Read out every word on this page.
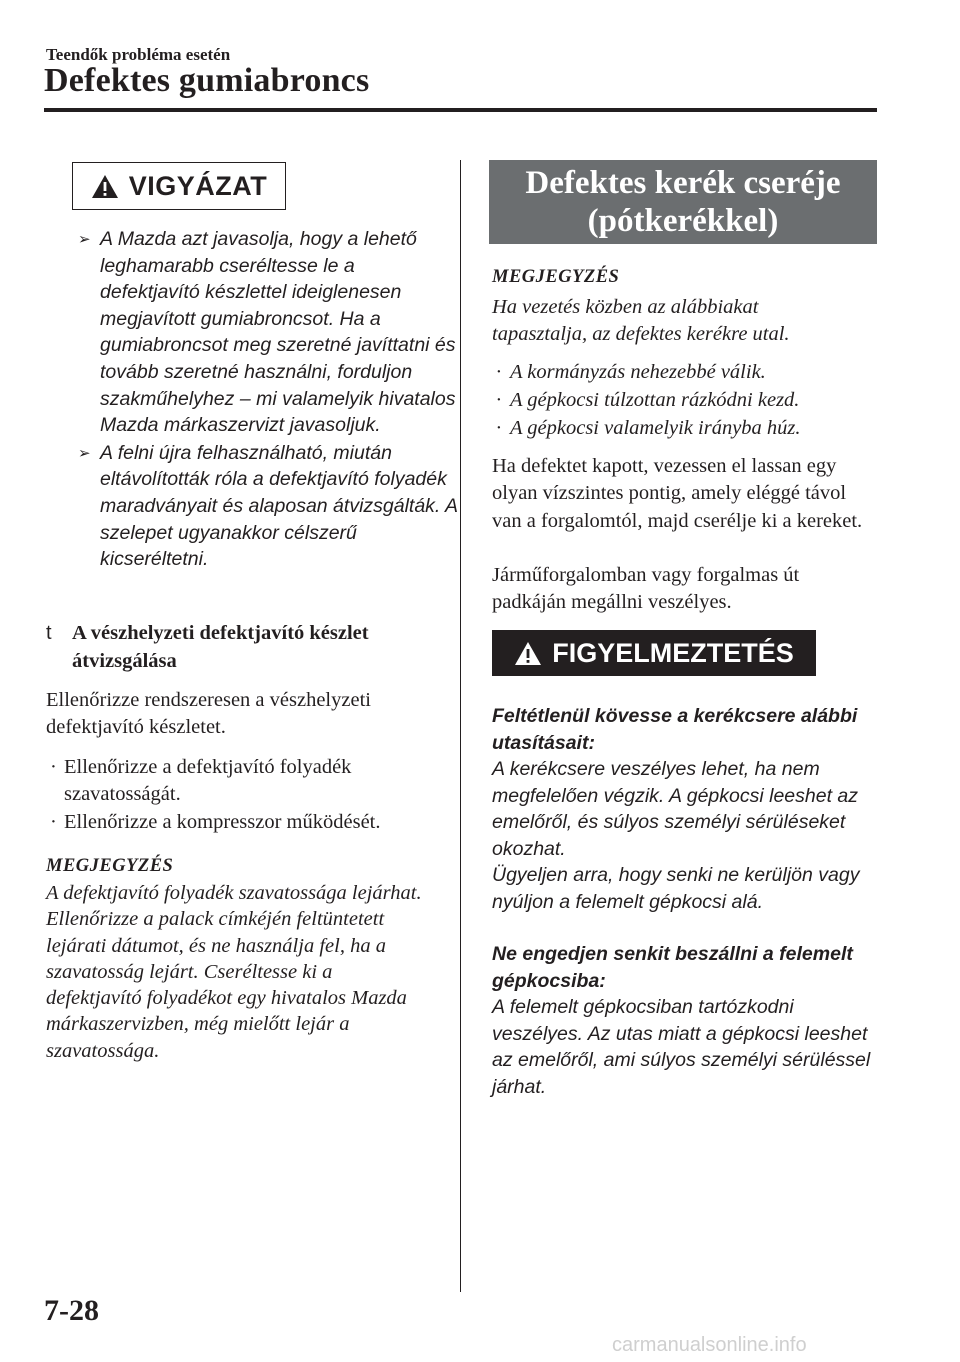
Teendők probléma esetén
Defektes gumiabroncs
VIGYÁZAT
➢ A Mazda azt javasolja, hogy a lehető leghamarabb cseréltesse le a defektjavító készlettel ideiglenesen megjavított gumiabroncsot. Ha a gumiabroncsot meg szeretné javíttatni és tovább szeretné használni, forduljon szakműhelyhez – mi valamelyik hivatalos Mazda márkaszervizt javasoljuk.
➢ A felni újra felhasználható, miután eltávolították róla a defektjavító folyadék maradványait és alaposan átvizsgálták. A szelepet ugyanakkor célszerű kicseréltetni.
t A vészhelyzeti defektjavító készlet átvizsgálása
Ellenőrizze rendszeresen a vészhelyzeti defektjavító készletet.
· Ellenőrizze a defektjavító folyadék szavatosságát.
· Ellenőrizze a kompresszor működését.
MEGJEGYZÉS
A defektjavító folyadék szavatossága lejárhat. Ellenőrizze a palack címkéjén feltüntetett lejárati dátumot, és ne használja fel, ha a szavatosság lejárt. Cseréltesse ki a defektjavító folyadékot egy hivatalos Mazda márkaszervizben, még mielőtt lejár a szavatossága.
Defektes kerék cseréje
(pótkerékkel)
MEGJEGYZÉS
Ha vezetés közben az alábbiakat tapasztalja, az defektes kerékre utal.
· A kormányzás nehezebbé válik.
· A gépkocsi túlzottan rázkódni kezd.
· A gépkocsi valamelyik irányba húz.
Ha defektet kapott, vezessen el lassan egy olyan vízszintes pontig, amely eléggé távol van a forgalomtól, majd cserélje ki a kereket.
Járműforgalomban vagy forgalmas út padkáján megállni veszélyes.
FIGYELMEZTETÉS
Feltétlenül kövesse a kerékcsere alábbi utasításait:
A kerékcsere veszélyes lehet, ha nem megfelelően végzik. A gépkocsi leeshet az emelőről, és súlyos személyi sérüléseket okozhat.
Ügyeljen arra, hogy senki ne kerüljön vagy nyúljon a felemelt gépkocsi alá.
Ne engedjen senkit beszállni a felemelt gépkocsiba:
A felemelt gépkocsiban tartózkodni veszélyes. Az utas miatt a gépkocsi leeshet az emelőről, ami súlyos személyi sérüléssel járhat.
7-28
carmanualsonline.info
